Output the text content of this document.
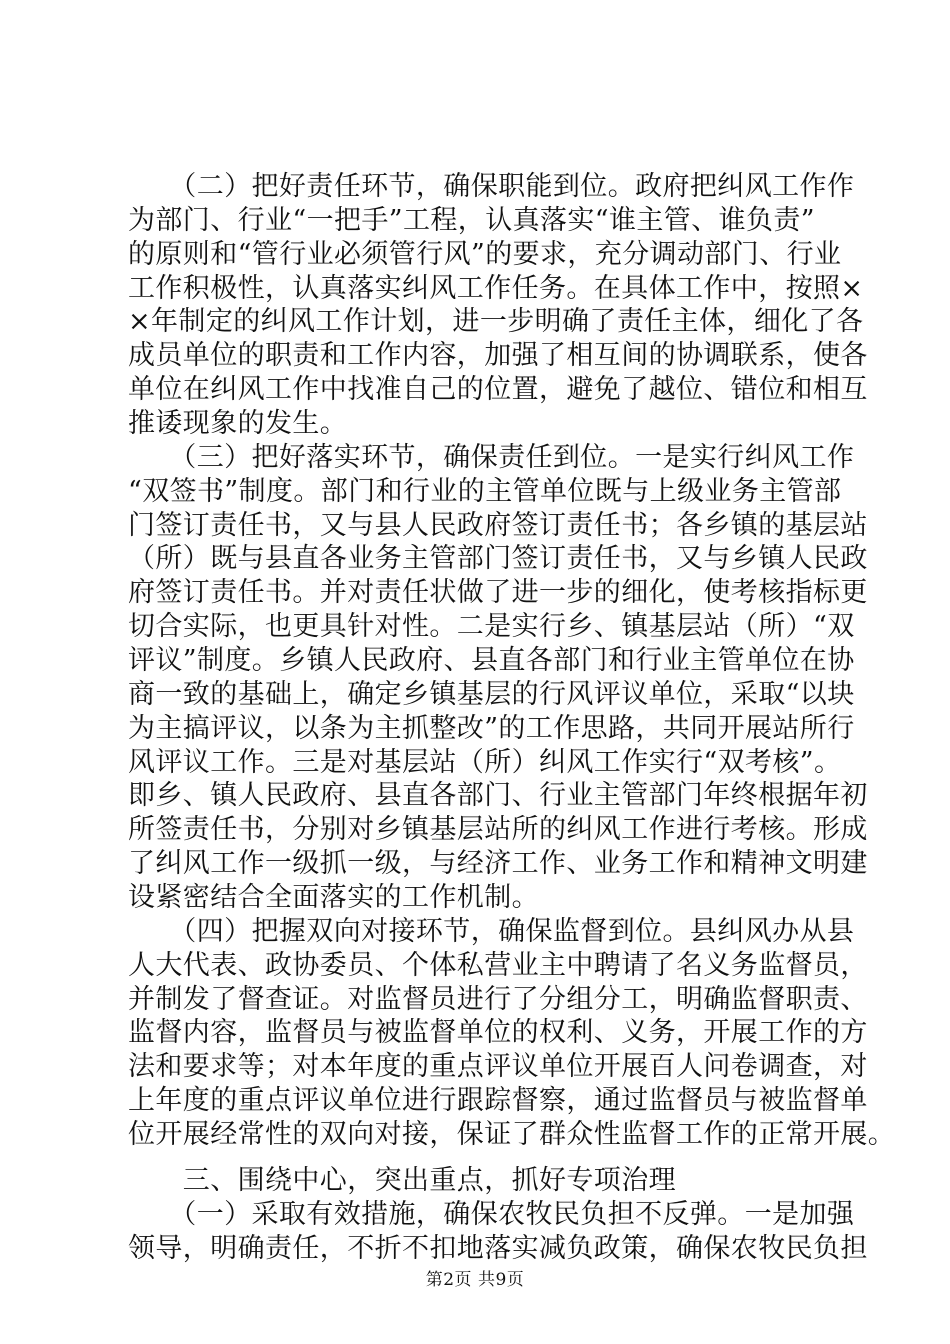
　　（二）把好责任环节，确保职能到位。政府把纠风工作作
为部门、行业“一把手”工程，认真落实“谁主管、谁负责”
的原则和“管行业必须管行风”的要求，充分调动部门、行业
工作积极性，认真落实纠风工作任务。在具体工作中，按照×
×年制定的纠风工作计划，进一步明确了责任主体，细化了各
成员单位的职责和工作内容，加强了相互间的协调联系，使各
单位在纠风工作中找准自己的位置，避免了越位、错位和相互
推诿现象的发生。
　　（三）把好落实环节，确保责任到位。一是实行纠风工作
“双签书”制度。部门和行业的主管单位既与上级业务主管部
门签订责任书，又与县人民政府签订责任书；各乡镇的基层站
（所）既与县直各业务主管部门签订责任书，又与乡镇人民政
府签订责任书。并对责任状做了进一步的细化，使考核指标更
切合实际，也更具针对性。二是实行乡、镇基层站（所）“双
评议”制度。乡镇人民政府、县直各部门和行业主管单位在协
商一致的基础上，确定乡镇基层的行风评议单位，采取“以块
为主搞评议，以条为主抓整改”的工作思路，共同开展站所行
风评议工作。三是对基层站（所）纠风工作实行“双考核”。
即乡、镇人民政府、县直各部门、行业主管部门年终根据年初
所签责任书，分别对乡镇基层站所的纠风工作进行考核。形成
了纠风工作一级抓一级，与经济工作、业务工作和精神文明建
设紧密结合全面落实的工作机制。
　　（四）把握双向对接环节，确保监督到位。县纠风办从县
人大代表、政协委员、个体私营业主中聘请了名义务监督员，
并制发了督查证。对监督员进行了分组分工，明确监督职责、
监督内容，监督员与被监督单位的权利、义务，开展工作的方
法和要求等；对本年度的重点评议单位开展百人问卷调查，对
上年度的重点评议单位进行跟踪督察，通过监督员与被监督单
位开展经常性的双向对接，保证了群众性监督工作的正常开展。
　　三、围绕中心，突出重点，抓好专项治理
　　（一）采取有效措施，确保农牧民负担不反弹。一是加强
领导，明确责任，不折不扣地落实减负政策，确保农牧民负担
第2页 共9页
